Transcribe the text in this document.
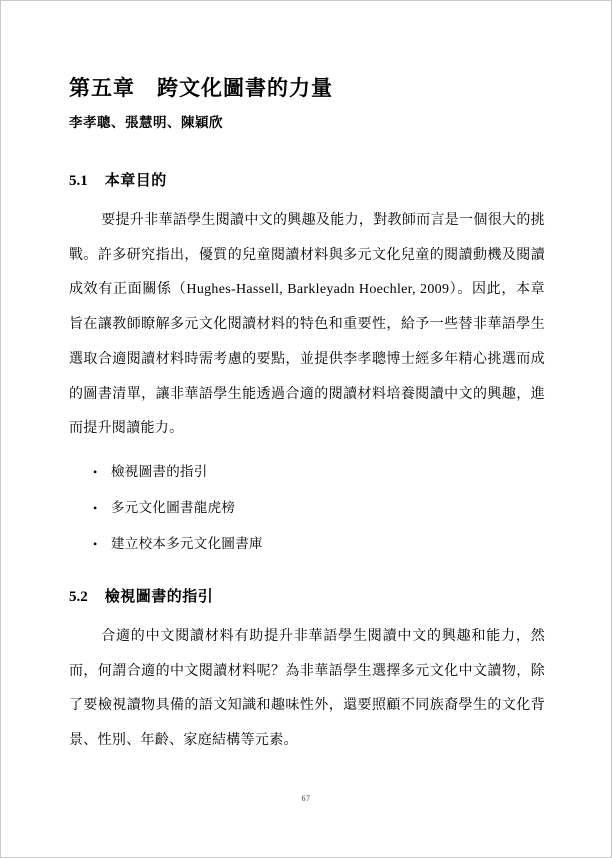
第五章　跨文化圖書的力量
李孝聰、張慧明、陳穎欣
5.1 本章目的

要提升非華語學生閱讀中文的興趣及能力，對教師而言是一個很大的挑戰。許多研究指出，優質的兒童閱讀材料與多元文化兒童的閱讀動機及閱讀成效有正面關係（Hughes-Hassell, Barkleyadn Hoechler, 2009）。因此，本章旨在讓教師瞭解多元文化閱讀材料的特色和重要性，給予一些替非華語學生選取合適閱讀材料時需考慮的要點，並提供李孝聰博士經多年精心挑選而成的圖書清單，讓非華語學生能透過合適的閱讀材料培養閱讀中文的興趣，進而提升閱讀能力。

• 檢視圖書的指引
• 多元文化圖書龍虎榜
• 建立校本多元文化圖書庫
5.2 檢視圖書的指引

合適的中文閱讀材料有助提升非華語學生閱讀中文的興趣和能力，然而，何謂合適的中文閱讀材料呢？為非華語學生選擇多元文化中文讀物，除了要檢視讀物具備的語文知識和趣味性外，還要照顧不同族裔學生的文化背景、性別、年齡、家庭結構等元素。

67
